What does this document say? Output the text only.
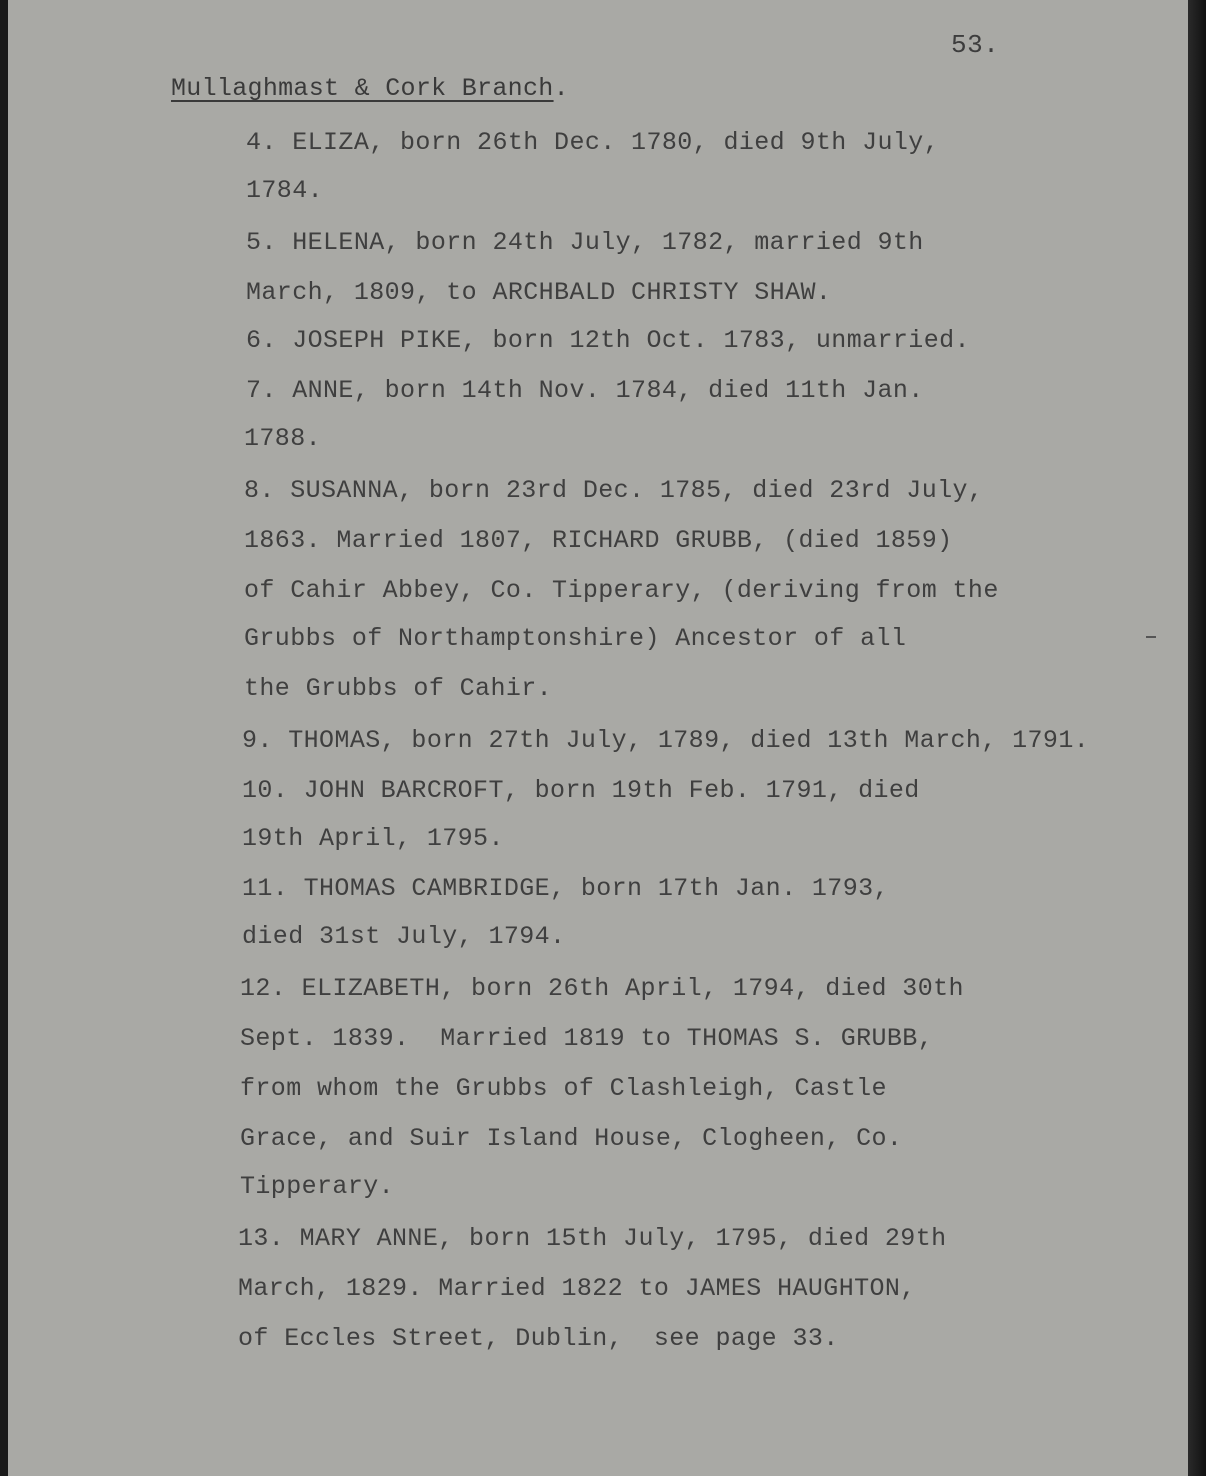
53.
Mullaghmast & Cork Branch.
4. ELIZA, born 26th Dec. 1780, died 9th July,
1784.
5. HELENA, born 24th July, 1782, married 9th
March, 1809, to ARCHBALD CHRISTY SHAW.
6. JOSEPH PIKE, born 12th Oct. 1783, unmarried.
7. ANNE, born 14th Nov. 1784, died 11th Jan.
1788.
8. SUSANNA, born 23rd Dec. 1785, died 23rd July,
1863. Married 1807, RICHARD GRUBB, (died 1859)
of Cahir Abbey, Co. Tipperary, (deriving from the
Grubbs of Northamptonshire) Ancestor of all
the Grubbs of Cahir.
9. THOMAS, born 27th July, 1789, died 13th March, 1791.
10. JOHN BARCROFT, born 19th Feb. 1791, died
19th April, 1795.
11. THOMAS CAMBRIDGE, born 17th Jan. 1793,
died 31st July, 1794.
12. ELIZABETH, born 26th April, 1794, died 30th
Sept. 1839.  Married 1819 to THOMAS S. GRUBB,
from whom the Grubbs of Clashleigh, Castle
Grace, and Suir Island House, Clogheen, Co.
Tipperary.
13. MARY ANNE, born 15th July, 1795, died 29th
March, 1829. Married 1822 to JAMES HAUGHTON,
of Eccles Street, Dublin,  see page 33.
